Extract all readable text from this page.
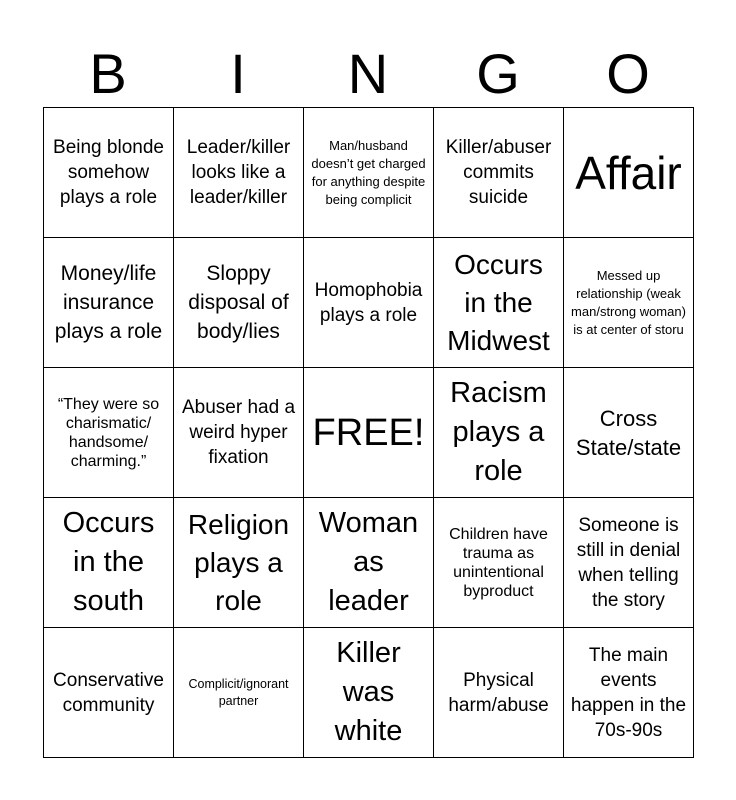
B	I	N	G	O
Being blonde somehow plays a role
Leader/killer looks like a leader/killer
Man/husband doesn’t get charged for anything despite being complicit
Killer/abuser commits suicide	Affair
Money/life insurance plays a role
Sloppy disposal of body/lies
Homophobia plays a role
Occurs in the Midwest
Messed up relationship (weak man/strong woman) is at center of storu
“They were so charismatic/ handsome/ charming.”
Abuser had a weird hyper fixation
FREE!
Racism plays a role
Cross State/state
Occurs in the south
Religion plays a role
Woman as leader
Children have trauma as unintentional byproduct
Someone is still in denial when telling the story
Conservative community
Complicit/ignorant partner
Killer was white
Physical harm/abuse
The main events happen in the 70s-90s
